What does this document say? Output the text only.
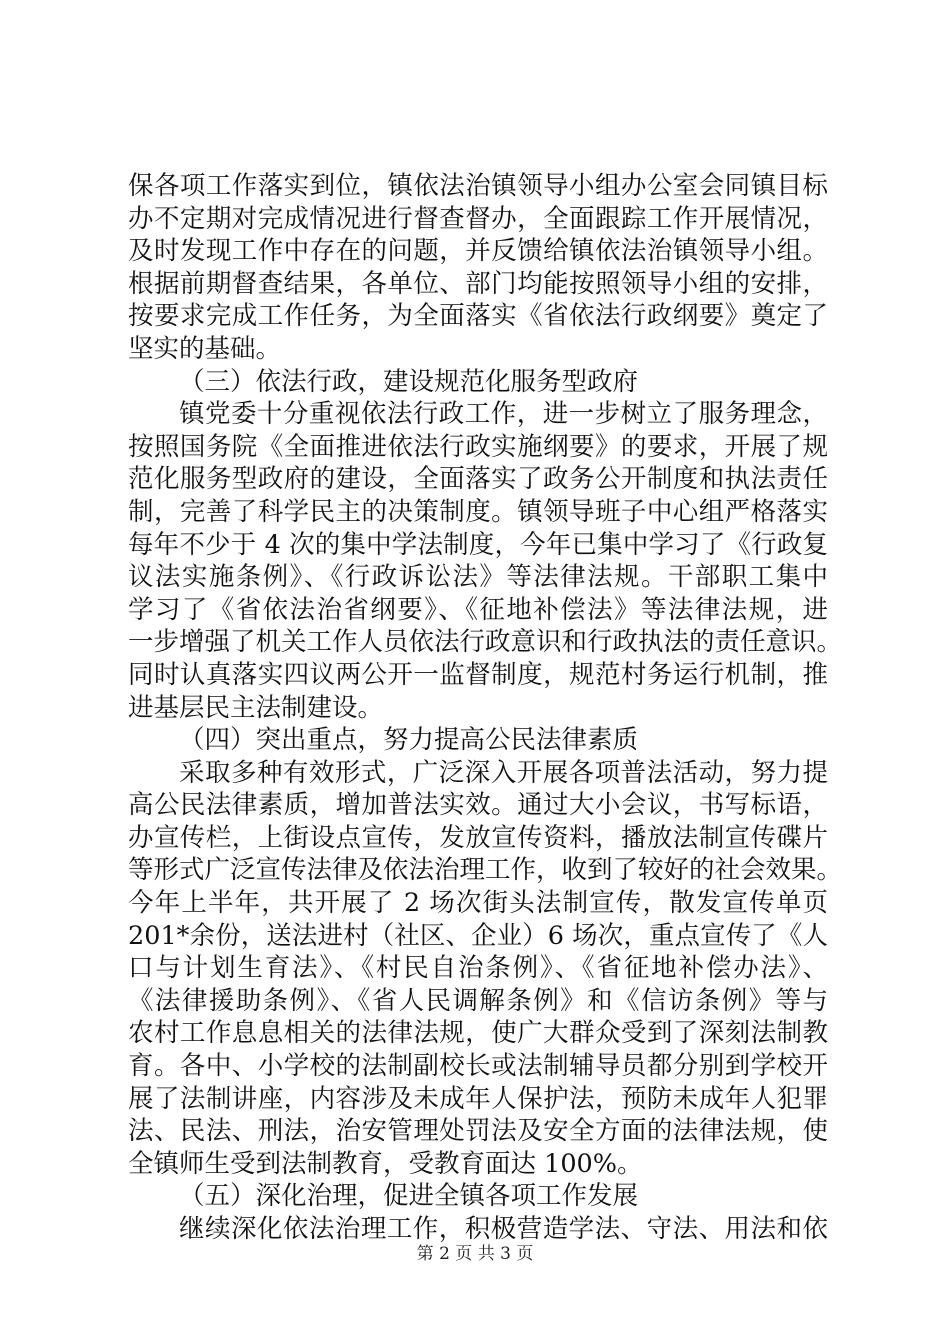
保各项工作落实到位，镇依法治镇领导小组办公室会同镇目标
办不定期对完成情况进行督查督办，全面跟踪工作开展情况，
及时发现工作中存在的问题，并反馈给镇依法治镇领导小组。
根据前期督查结果，各单位、部门均能按照领导小组的安排，
按要求完成工作任务，为全面落实《省依法行政纲要》奠定了
坚实的基础。
（三）依法行政，建设规范化服务型政府
镇党委十分重视依法行政工作，进一步树立了服务理念，
按照国务院《全面推进依法行政实施纲要》的要求，开展了规
范化服务型政府的建设，全面落实了政务公开制度和执法责任
制，完善了科学民主的决策制度。镇领导班子中心组严格落实
每年不少于 4 次的集中学法制度，今年已集中学习了《行政复
议法实施条例》、《行政诉讼法》等法律法规。干部职工集中
学习了《省依法治省纲要》、《征地补偿法》等法律法规，进
一步增强了机关工作人员依法行政意识和行政执法的责任意识。
同时认真落实四议两公开一监督制度，规范村务运行机制，推
进基层民主法制建设。
（四）突出重点，努力提高公民法律素质
采取多种有效形式，广泛深入开展各项普法活动，努力提
高公民法律素质，增加普法实效。通过大小会议，书写标语，
办宣传栏，上街设点宣传，发放宣传资料，播放法制宣传碟片
等形式广泛宣传法律及依法治理工作，收到了较好的社会效果。
今年上半年，共开展了 2 场次街头法制宣传，散发宣传单页
201*余份，送法进村（社区、企业）6 场次，重点宣传了《人
口与计划生育法》、《村民自治条例》、《省征地补偿办法》、
《法律援助条例》、《省人民调解条例》和《信访条例》等与
农村工作息息相关的法律法规，使广大群众受到了深刻法制教
育。各中、小学校的法制副校长或法制辅导员都分别到学校开
展了法制讲座，内容涉及未成年人保护法，预防未成年人犯罪
法、民法、刑法，治安管理处罚法及安全方面的法律法规，使
全镇师生受到法制教育，受教育面达 100%。
（五）深化治理，促进全镇各项工作发展
继续深化依法治理工作，积极营造学法、守法、用法和依
第 2 页 共 3 页
